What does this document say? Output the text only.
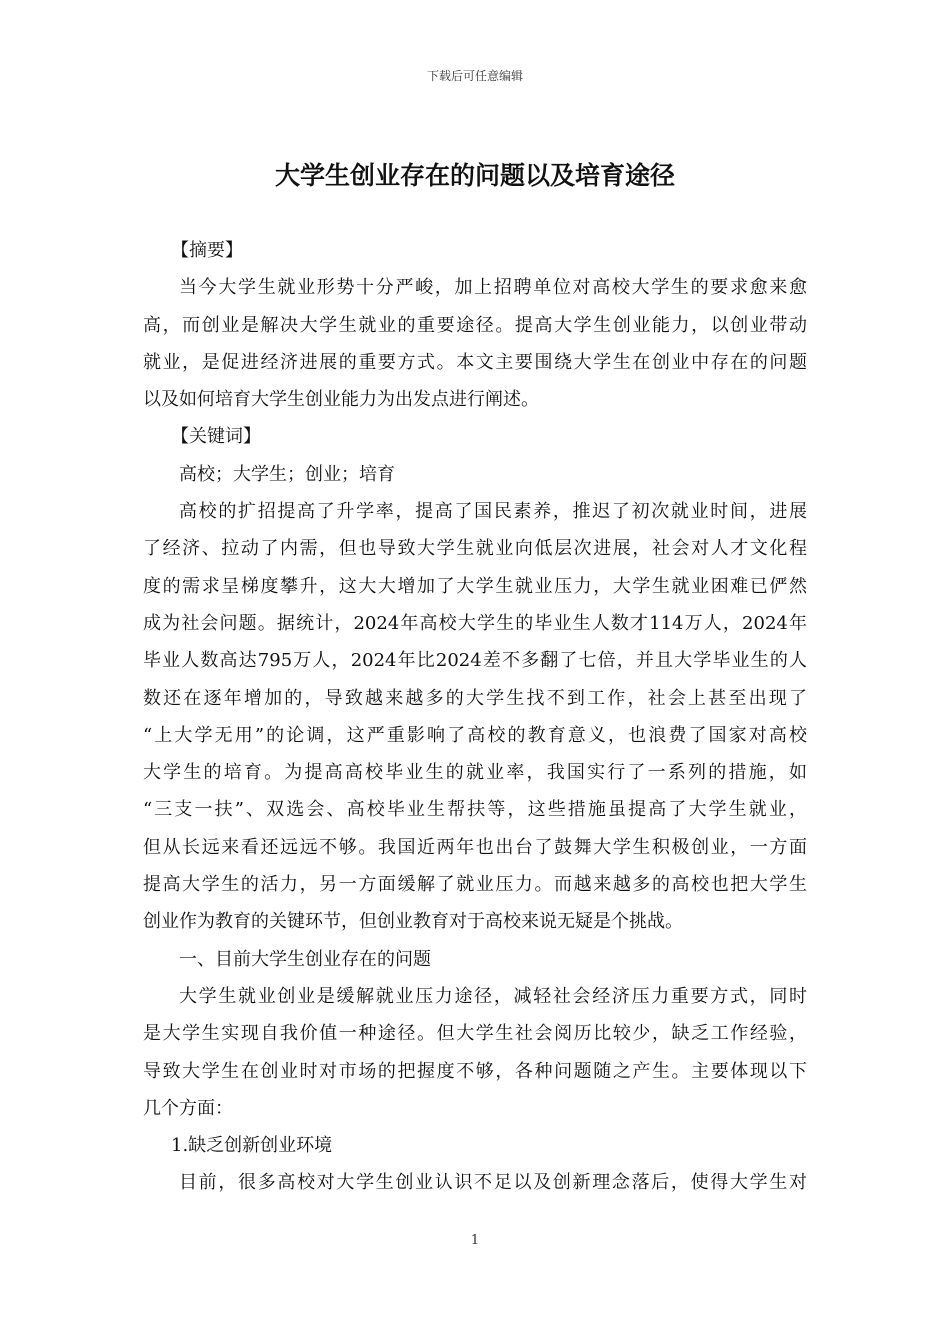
下载后可任意编辑
大学生创业存在的问题以及培育途径
【摘要】
当今大学生就业形势十分严峻，加上招聘单位对高校大学生的要求愈来愈
高，而创业是解决大学生就业的重要途径。提高大学生创业能力，以创业带动
就业，是促进经济进展的重要方式。本文主要围绕大学生在创业中存在的问题
以及如何培育大学生创业能力为出发点进行阐述。
【关键词】
高校；大学生；创业；培育
高校的扩招提高了升学率，提高了国民素养，推迟了初次就业时间，进展
了经济、拉动了内需，但也导致大学生就业向低层次进展，社会对人才文化程
度的需求呈梯度攀升，这大大增加了大学生就业压力，大学生就业困难已俨然
成为社会问题。据统计，2024年高校大学生的毕业生人数才114万人，2024年
毕业人数高达795万人，2024年比2024差不多翻了七倍，并且大学毕业生的人
数还在逐年增加的，导致越来越多的大学生找不到工作，社会上甚至出现了
“上大学无用”的论调，这严重影响了高校的教育意义，也浪费了国家对高校
大学生的培育。为提高高校毕业生的就业率，我国实行了一系列的措施，如
“三支一扶”、双选会、高校毕业生帮扶等，这些措施虽提高了大学生就业，
但从长远来看还远远不够。我国近两年也出台了鼓舞大学生积极创业，一方面
提高大学生的活力，另一方面缓解了就业压力。而越来越多的高校也把大学生
创业作为教育的关键环节，但创业教育对于高校来说无疑是个挑战。
一、目前大学生创业存在的问题
大学生就业创业是缓解就业压力途径，减轻社会经济压力重要方式，同时
是大学生实现自我价值一种途径。但大学生社会阅历比较少，缺乏工作经验，
导致大学生在创业时对市场的把握度不够，各种问题随之产生。主要体现以下
几个方面：
1.缺乏创新创业环境
目前，很多高校对大学生创业认识不足以及创新理念落后，使得大学生对
1
